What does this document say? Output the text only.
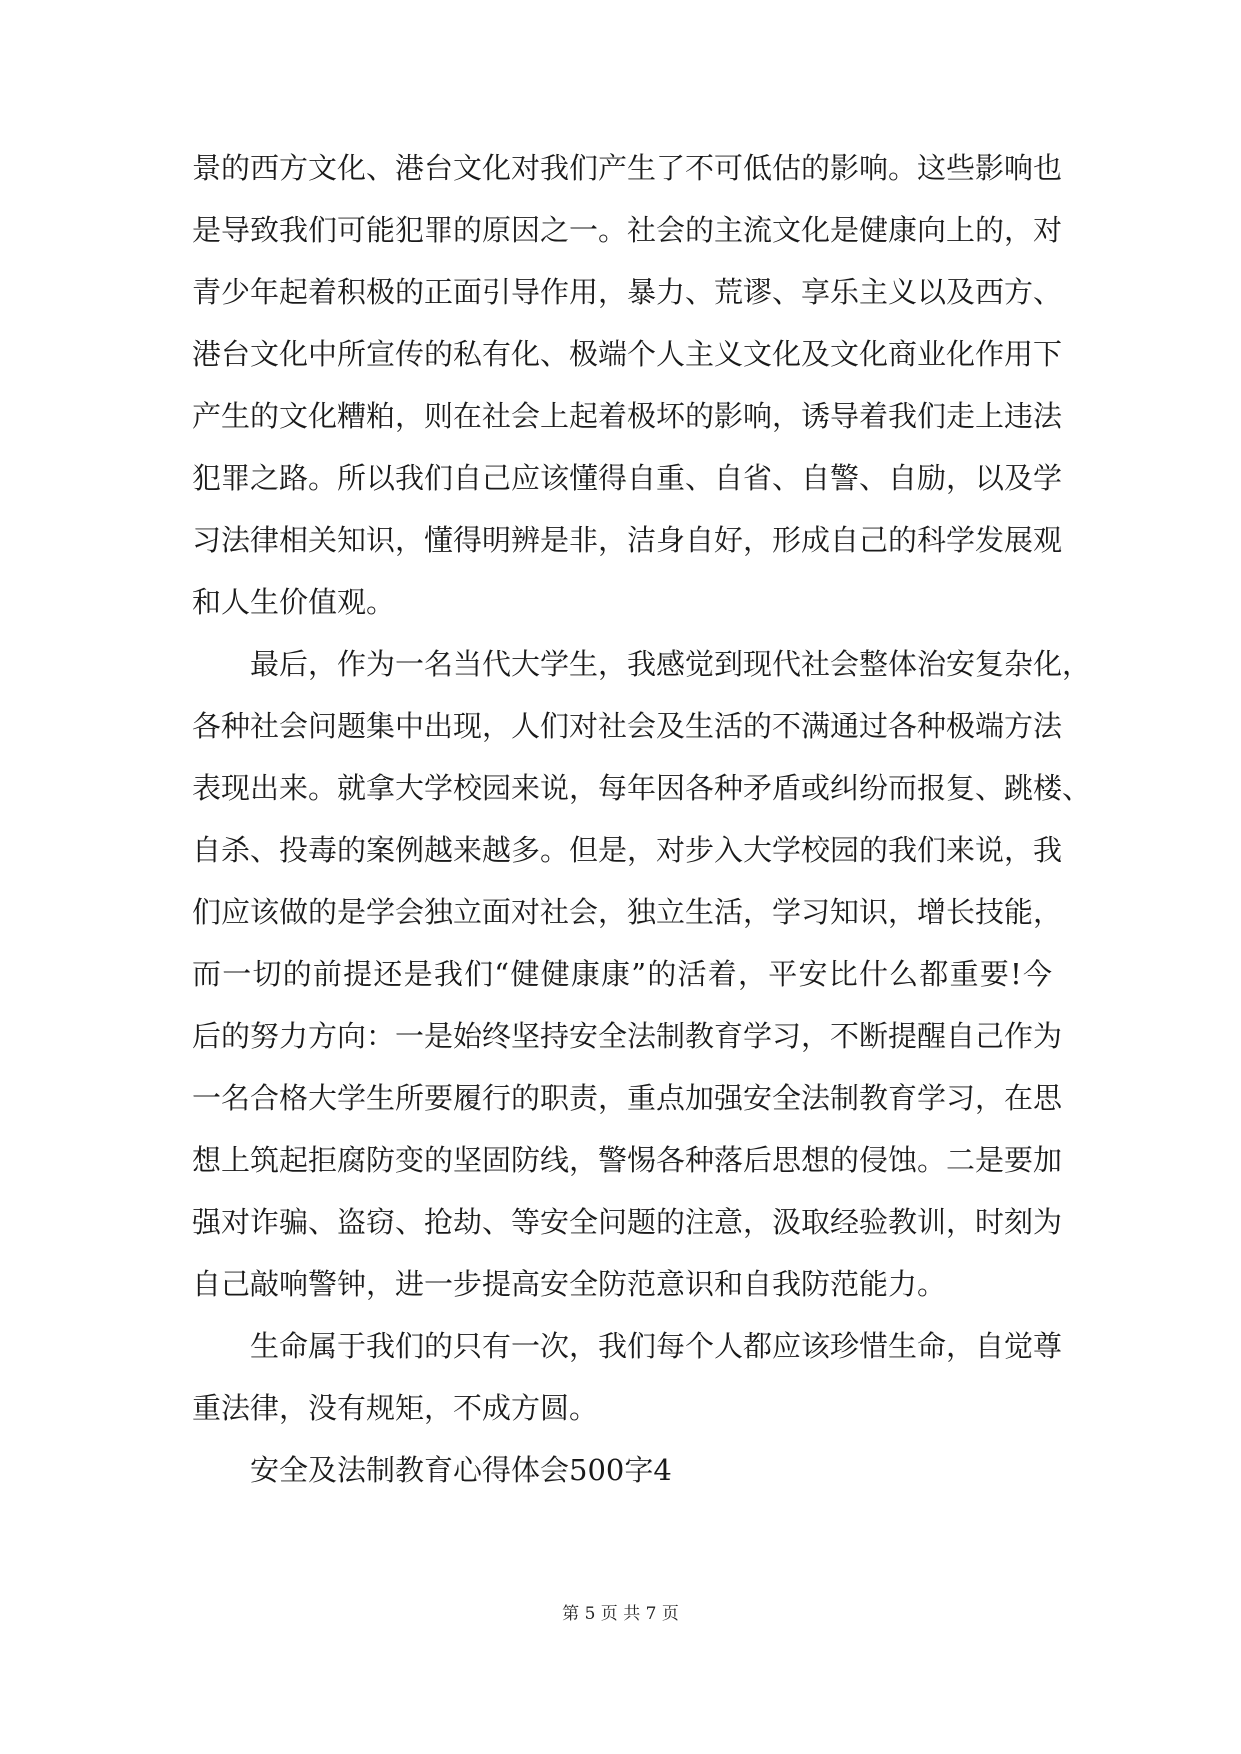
景的西方文化、港台文化对我们产生了不可低估的影响。这些影响也
是导致我们可能犯罪的原因之一。社会的主流文化是健康向上的，对
青少年起着积极的正面引导作用，暴力、荒谬、享乐主义以及西方、
港台文化中所宣传的私有化、极端个人主义文化及文化商业化作用下
产生的文化糟粕，则在社会上起着极坏的影响，诱导着我们走上违法
犯罪之路。所以我们自己应该懂得自重、自省、自警、自励，以及学
习法律相关知识，懂得明辨是非，洁身自好，形成自己的科学发展观
和人生价值观。
最后，作为一名当代大学生，我感觉到现代社会整体治安复杂化，
各种社会问题集中出现，人们对社会及生活的不满通过各种极端方法
表现出来。就拿大学校园来说，每年因各种矛盾或纠纷而报复、跳楼、
自杀、投毒的案例越来越多。但是，对步入大学校园的我们来说，我
们应该做的是学会独立面对社会，独立生活，学习知识，增长技能，
而一切的前提还是我们“健健康康”的活着，平安比什么都重要!今
后的努力方向：一是始终坚持安全法制教育学习，不断提醒自己作为
一名合格大学生所要履行的职责，重点加强安全法制教育学习，在思
想上筑起拒腐防变的坚固防线，警惕各种落后思想的侵蚀。二是要加
强对诈骗、盗窃、抢劫、等安全问题的注意，汲取经验教训，时刻为
自己敲响警钟，进一步提高安全防范意识和自我防范能力。
生命属于我们的只有一次，我们每个人都应该珍惜生命，自觉尊
重法律，没有规矩，不成方圆。
安全及法制教育心得体会500字4
第 5 页 共 7 页
